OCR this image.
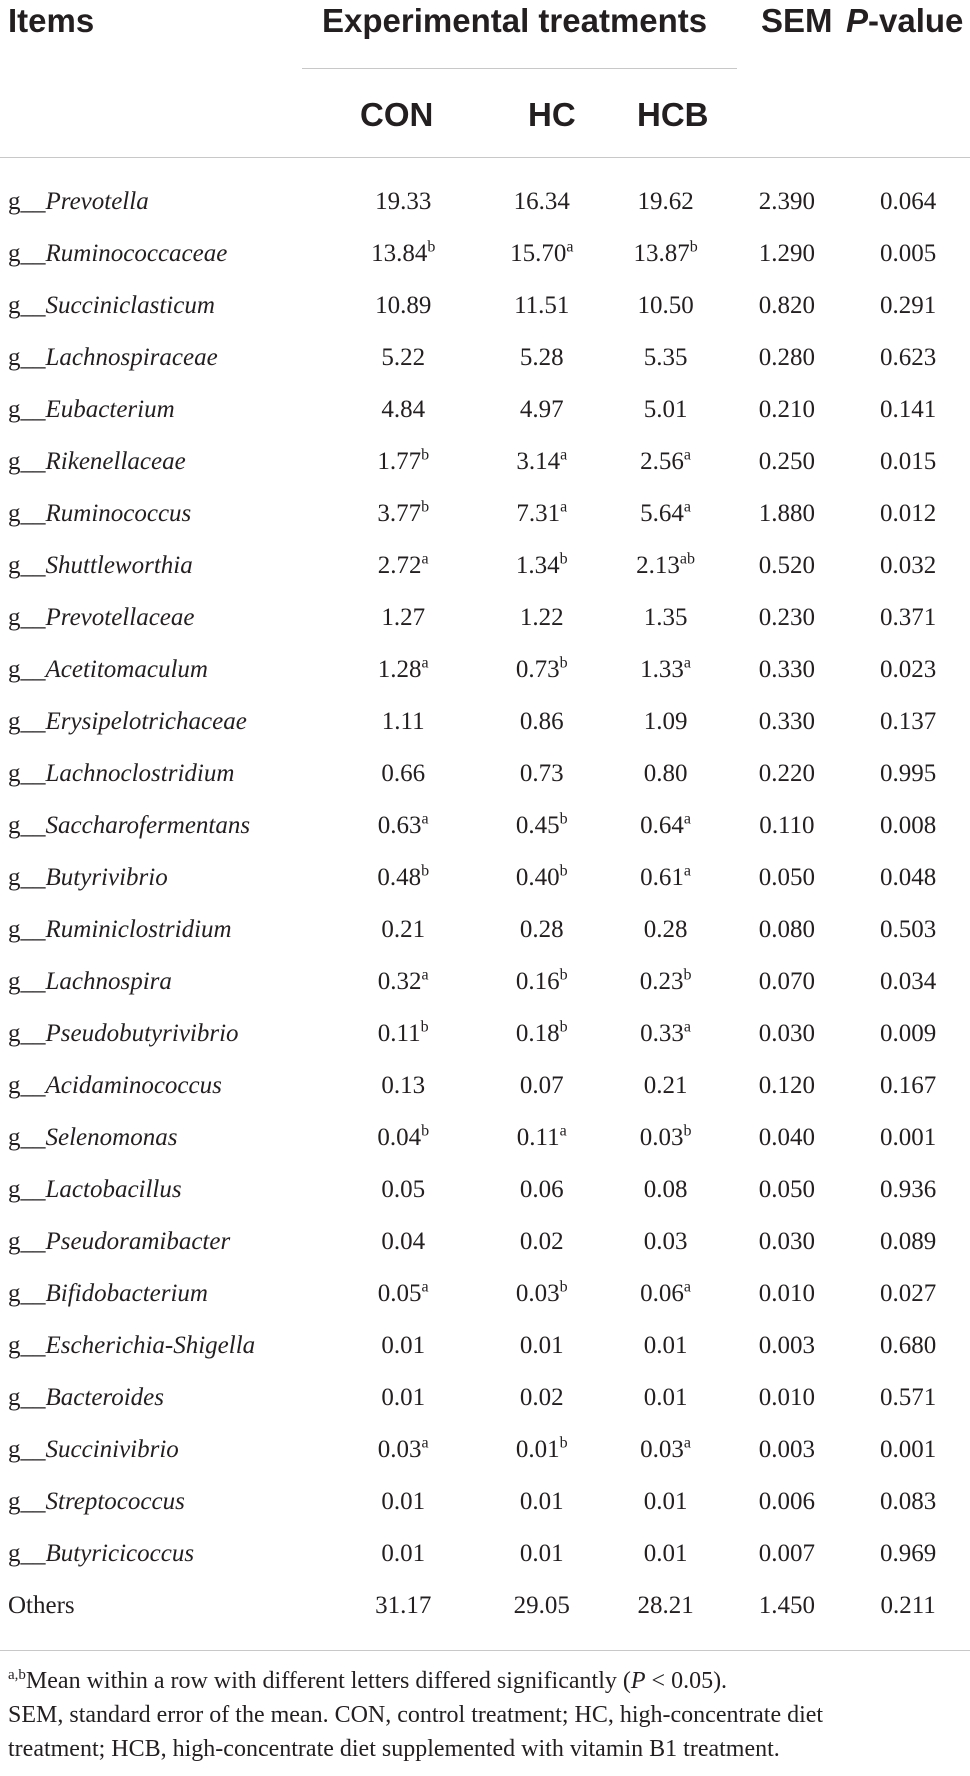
Items	Experimental treatments SEM P-value
CON	HC HCB
g__Prevotella	19.33	16.34	19.62	2.390	0.064
g__Ruminococcaceae	13.84$^b$	15.70$^a$	13.87$^b$	1.290	0.005
g__Succiniclasticum	10.89	11.51	10.50	0.820	0.291
g__Lachnospiraceae	5.22	5.28	5.35	0.280	0.623
g__Eubacterium	4.84	4.97	5.01	0.210	0.141
g__Rikenellaceae	1.77$^b$	3.14$^a$	2.56$^a$	0.250	0.015
g__Ruminococcus	3.77$^b$	7.31$^a$	5.64$^a$	1.880	0.012
g__Shuttleworthia	2.72$^a$	1.34$^b$	2.13$^{ab}$	0.520	0.032
g__Prevotellaceae	1.27	1.22	1.35	0.230	0.371
g__Acetitomaculum	1.28$^a$	0.73$^b$	1.33$^a$	0.330	0.023
g__Erysipelotrichaceae	1.11	0.86	1.09	0.330	0.137
g__Lachnoclostridium	0.66	0.73	0.80	0.220	0.995
g__Saccharofermentans	0.63$^a$	0.45$^b$	0.64$^a$	0.110	0.008
g__Butyrivibrio	0.48$^b$	0.40$^b$	0.61$^a$	0.050	0.048
g__Ruminiclostridium	0.21	0.28	0.28	0.080	0.503
g__Lachnospira	0.32$^a$	0.16$^b$	0.23$^b$	0.070	0.034
g__Pseudobutyrivibrio	0.11$^b$	0.18$^b$	0.33$^a$	0.030	0.009
g__Acidaminococcus	0.13	0.07	0.21	0.120	0.167
g__Selenomonas	0.04$^b$	0.11$^a$	0.03$^b$	0.040	0.001
g__Lactobacillus	0.05	0.06	0.08	0.050	0.936
g__Pseudoramibacter	0.04	0.02	0.03	0.030	0.089
g__Bifidobacterium	0.05$^a$	0.03$^b$	0.06$^a$	0.010	0.027
g__Escherichia-Shigella	0.01	0.01	0.01	0.003	0.680
g__Bacteroides	0.01	0.02	0.01	0.010	0.571
g__Succinivibrio	0.03$^a$	0.01$^b$	0.03$^a$	0.003	0.001
g__Streptococcus	0.01	0.01	0.01	0.006	0.083
g__Butyricicoccus	0.01	0.01	0.01	0.007	0.969
Others	31.17	29.05	28.21	1.450	0.211
$^{a,b}$Mean within a row with different letters differed significantly (P < 0.05).
SEM, standard error of the mean. CON, control treatment; HC, high-concentrate diet
treatment; HCB, high-concentrate diet supplemented with vitamin B1 treatment.
